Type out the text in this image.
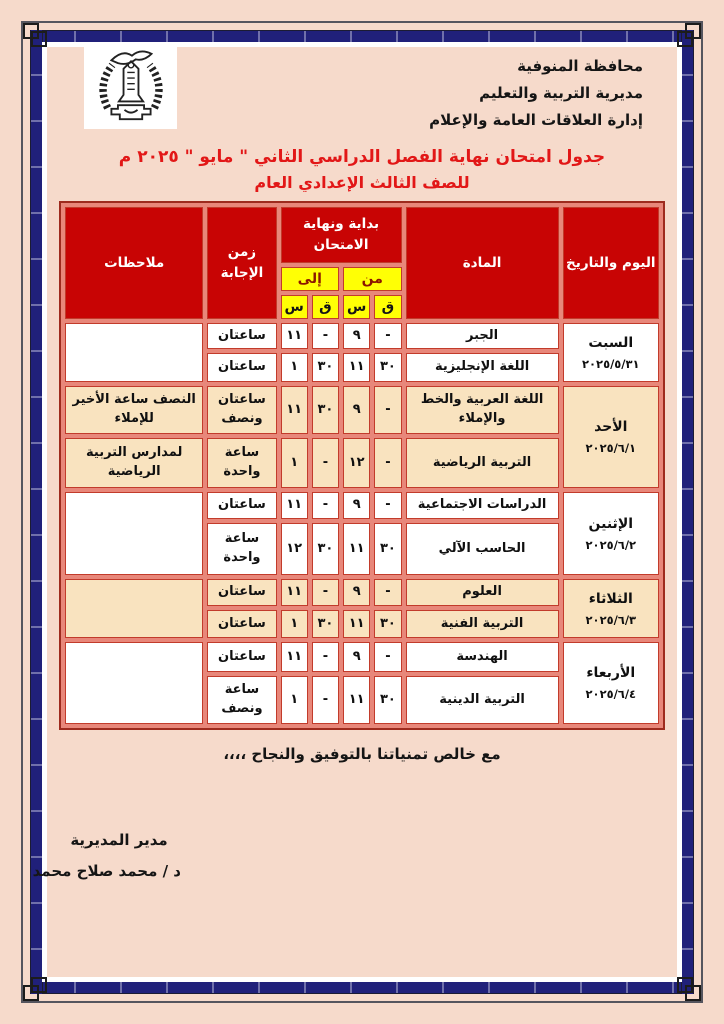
محافظة المنوفية
مديرية التربية والتعليم
إدارة العلاقات العامة والإعلام
جدول امتحان نهاية الفصل الدراسي الثاني " مايو " ٢٠٢٥ م
للصف الثالث الإعدادي العام
اليوم والتاريخ	المادة	بداية ونهاية الامتحان				زمن الإجابة	ملاحظات
		من		إلى			
		ق	س	ق	س		

السبت
٢٠٢٥/٥/٣١	الجبر	-	٩	-	١١	ساعتان	
	اللغة الإنجليزية	٣٠	١١	٣٠	١	ساعتان	

الأحد
٢٠٢٥/٦/١	اللغة العربية والخط والإملاء	-	٩	٣٠	١١	ساعتان ونصف	النصف ساعة الأخير للإملاء
	التربية الرياضية	-	١٢	-	١	ساعة واحدة	لمدارس التربية الرياضية

الإثنين
٢٠٢٥/٦/٢	الدراسات الاجتماعية	-	٩	-	١١	ساعتان	
	الحاسب الآلي	٣٠	١١	٣٠	١٢	ساعة واحدة	

الثلاثاء
٢٠٢٥/٦/٣	العلوم	-	٩	-	١١	ساعتان	
	التربية الفنية	٣٠	١١	٣٠	١	ساعتان	

الأربعاء
٢٠٢٥/٦/٤	الهندسة	-	٩	-	١١	ساعتان	
	التربية الدينية	٣٠	١١	-	١	ساعة ونصف	
مع خالص تمنياتنا بالتوفيق والنجاح ،،،،
مدير المديرية
د / محمد صلاح محمد
